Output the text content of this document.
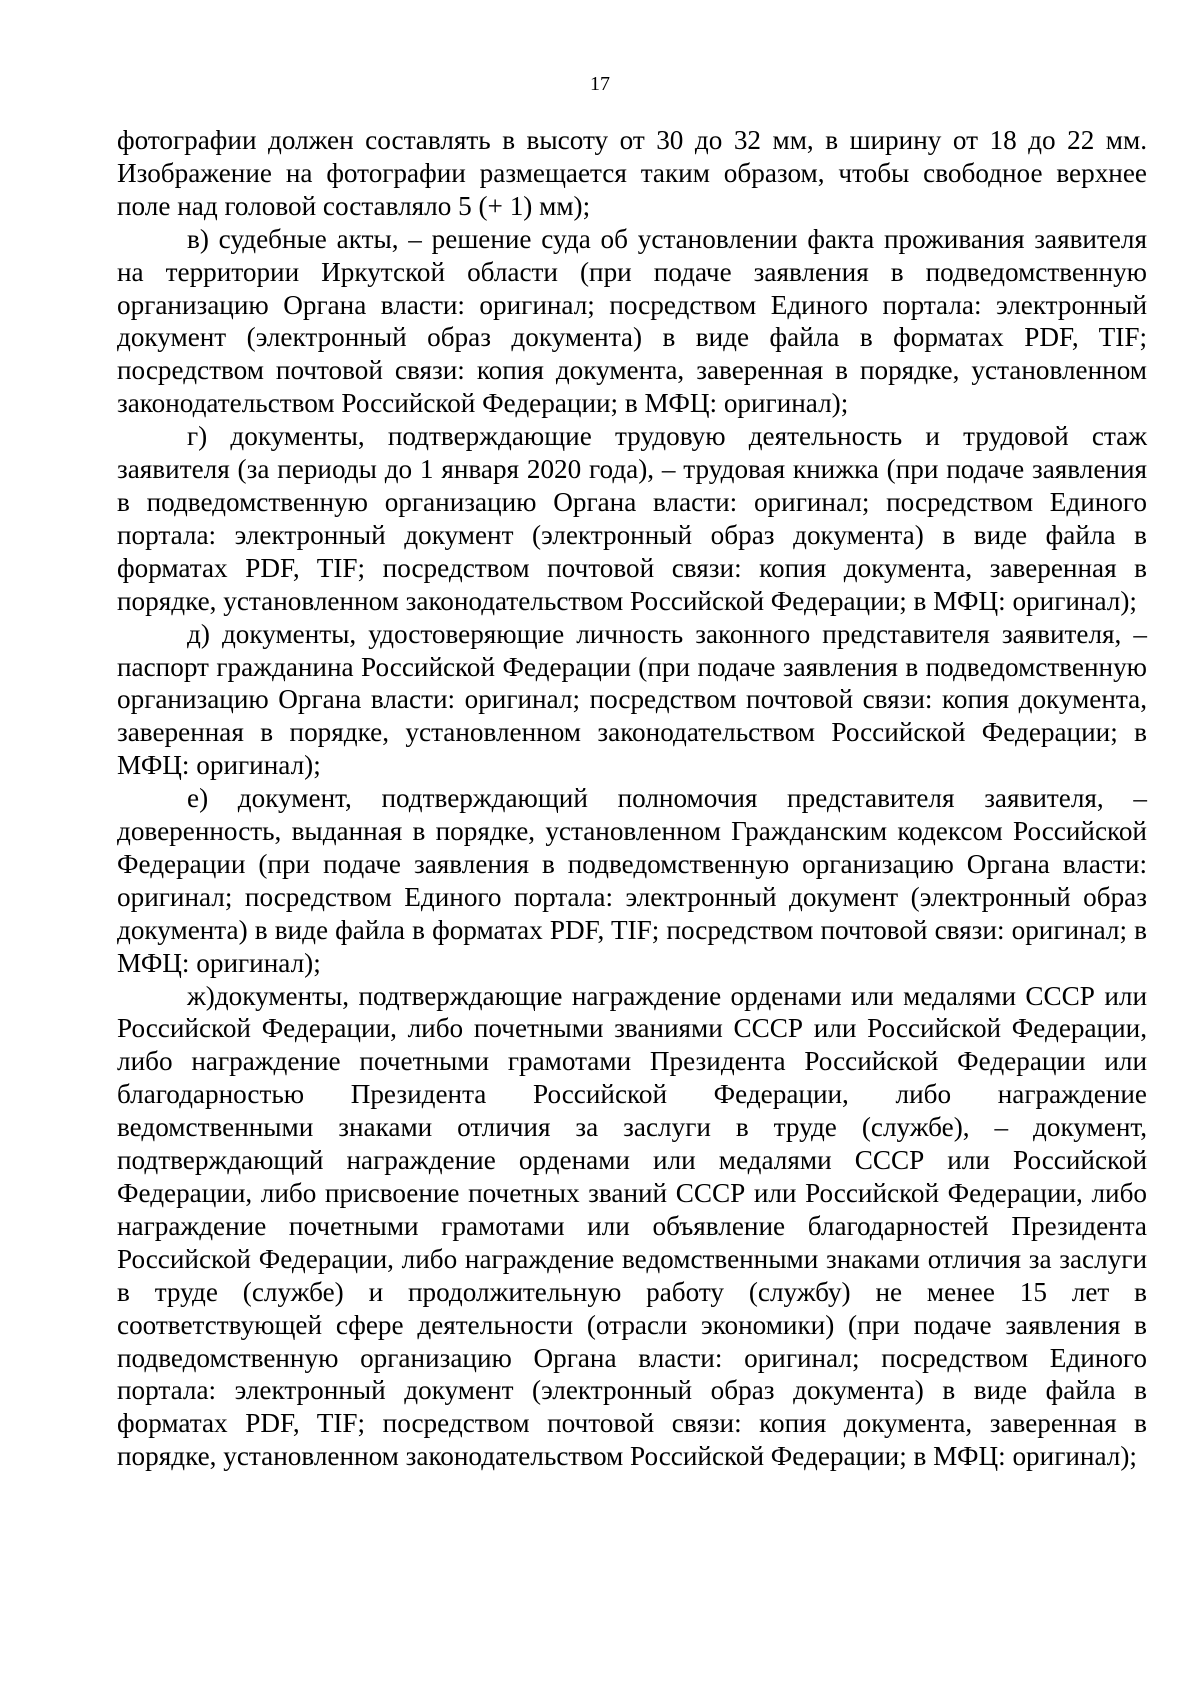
17

фотографии должен составлять в высоту от 30 до 32 мм, в ширину от 18 до 22 мм. Изображение на фотографии размещается таким образом, чтобы свободное верхнее поле над головой составляло 5 (+ 1) мм);

в) судебные акты, – решение суда об установлении факта проживания заявителя на территории Иркутской области (при подаче заявления в подведомственную организацию Органа власти: оригинал; посредством Единого портала: электронный документ (электронный образ документа) в виде файла в форматах PDF, TIF; посредством почтовой связи: копия документа, заверенная в порядке, установленном законодательством Российской Федерации; в МФЦ: оригинал);

г) документы, подтверждающие трудовую деятельность и трудовой стаж заявителя (за периоды до 1 января 2020 года), – трудовая книжка (при подаче заявления в подведомственную организацию Органа власти: оригинал; посредством Единого портала: электронный документ (электронный образ документа) в виде файла в форматах PDF, TIF; посредством почтовой связи: копия документа, заверенная в порядке, установленном законодательством Российской Федерации; в МФЦ: оригинал);

д) документы, удостоверяющие личность законного представителя заявителя, – паспорт гражданина Российской Федерации (при подаче заявления в подведомственную организацию Органа власти: оригинал; посредством почтовой связи: копия документа, заверенная в порядке, установленном законодательством Российской Федерации; в МФЦ: оригинал);

е) документ, подтверждающий полномочия представителя заявителя, – доверенность, выданная в порядке, установленном Гражданским кодексом Российской Федерации (при подаче заявления в подведомственную организацию Органа власти: оригинал; посредством Единого портала: электронный документ (электронный образ документа) в виде файла в форматах PDF, TIF; посредством почтовой связи: оригинал; в МФЦ: оригинал);

ж)документы, подтверждающие награждение орденами или медалями СССР или Российской Федерации, либо почетными званиями СССР или Российской Федерации, либо награждение почетными грамотами Президента Российской Федерации или благодарностью Президента Российской Федерации, либо награждение ведомственными знаками отличия за заслуги в труде (службе), – документ, подтверждающий награждение орденами или медалями СССР или Российской Федерации, либо присвоение почетных званий СССР или Российской Федерации, либо награждение почетными грамотами или объявление благодарностей Президента Российской Федерации, либо награждение ведомственными знаками отличия за заслуги в труде (службе) и продолжительную работу (службу) не менее 15 лет в соответствующей сфере деятельности (отрасли экономики) (при подаче заявления в подведомственную организацию Органа власти: оригинал; посредством Единого портала: электронный документ (электронный образ документа) в виде файла в форматах PDF, TIF; посредством почтовой связи: копия документа, заверенная в порядке, установленном законодательством Российской Федерации; в МФЦ: оригинал);
